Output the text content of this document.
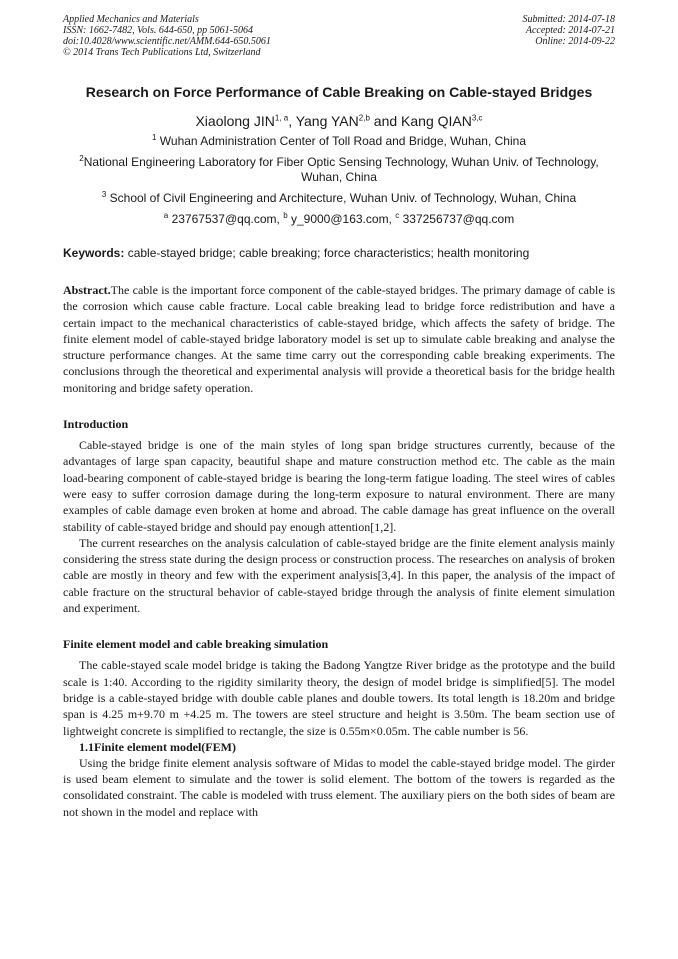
Applied Mechanics and Materials
ISSN: 1662-7482, Vols. 644-650, pp 5061-5064
doi:10.4028/www.scientific.net/AMM.644-650.5061
© 2014 Trans Tech Publications Ltd, Switzerland
Submitted: 2014-07-18
Accepted: 2014-07-21
Online: 2014-09-22
Research on Force Performance of Cable Breaking on Cable-stayed Bridges
Xiaolong JIN$^{1, a}$, Yang YAN$^{2,b}$ and Kang QIAN$^{3,c}$
$^1$ Wuhan Administration Center of Toll Road and Bridge, Wuhan, China
$^2$National Engineering Laboratory for Fiber Optic Sensing Technology, Wuhan Univ. of Technology, Wuhan, China
$^3$ School of Civil Engineering and Architecture, Wuhan Univ. of Technology, Wuhan, China
$^a$ 23767537@qq.com, $^b$ y_9000@163.com, $^c$ 337256737@qq.com
Keywords: cable-stayed bridge; cable breaking; force characteristics; health monitoring

Abstract.The cable is the important force component of the cable-stayed bridges. The primary damage of cable is the corrosion which cause cable fracture. Local cable breaking lead to bridge force redistribution and have a certain impact to the mechanical characteristics of cable-stayed bridge, which affects the safety of bridge. The finite element model of cable-stayed bridge laboratory model is set up to simulate cable breaking and analyse the structure performance changes. At the same time carry out the corresponding cable breaking experiments. The conclusions through the theoretical and experimental analysis will provide a theoretical basis for the bridge health monitoring and bridge safety operation.

Introduction

Cable-stayed bridge is one of the main styles of long span bridge structures currently, because of the advantages of large span capacity, beautiful shape and mature construction method etc. The cable as the main load-bearing component of cable-stayed bridge is bearing the long-term fatigue loading. The steel wires of cables were easy to suffer corrosion damage during the long-term exposure to natural environment. There are many examples of cable damage even broken at home and abroad. The cable damage has great influence on the overall stability of cable-stayed bridge and should pay enough attention[1,2].

The current researches on the analysis calculation of cable-stayed bridge are the finite element analysis mainly considering the stress state during the design process or construction process. The researches on analysis of broken cable are mostly in theory and few with the experiment analysis[3,4]. In this paper, the analysis of the impact of cable fracture on the structural behavior of cable-stayed bridge through the analysis of finite element simulation and experiment.

Finite element model and cable breaking simulation

The cable-stayed scale model bridge is taking the Badong Yangtze River bridge as the prototype and the build scale is 1:40. According to the rigidity similarity theory, the design of model bridge is simplified[5]. The model bridge is a cable-stayed bridge with double cable planes and double towers. Its total length is 18.20m and bridge span is 4.25 m+9.70 m +4.25 m. The towers are steel structure and height is 3.50m. The beam section use of lightweight concrete is simplified to rectangle, the size is 0.55m×0.05m. The cable number is 56.

1.1Finite element model(FEM)

Using the bridge finite element analysis software of Midas to model the cable-stayed bridge model. The girder is used beam element to simulate and the tower is solid element. The bottom of the towers is regarded as the consolidated constraint. The cable is modeled with truss element. The auxiliary piers on the both sides of beam are not shown in the model and replace with
